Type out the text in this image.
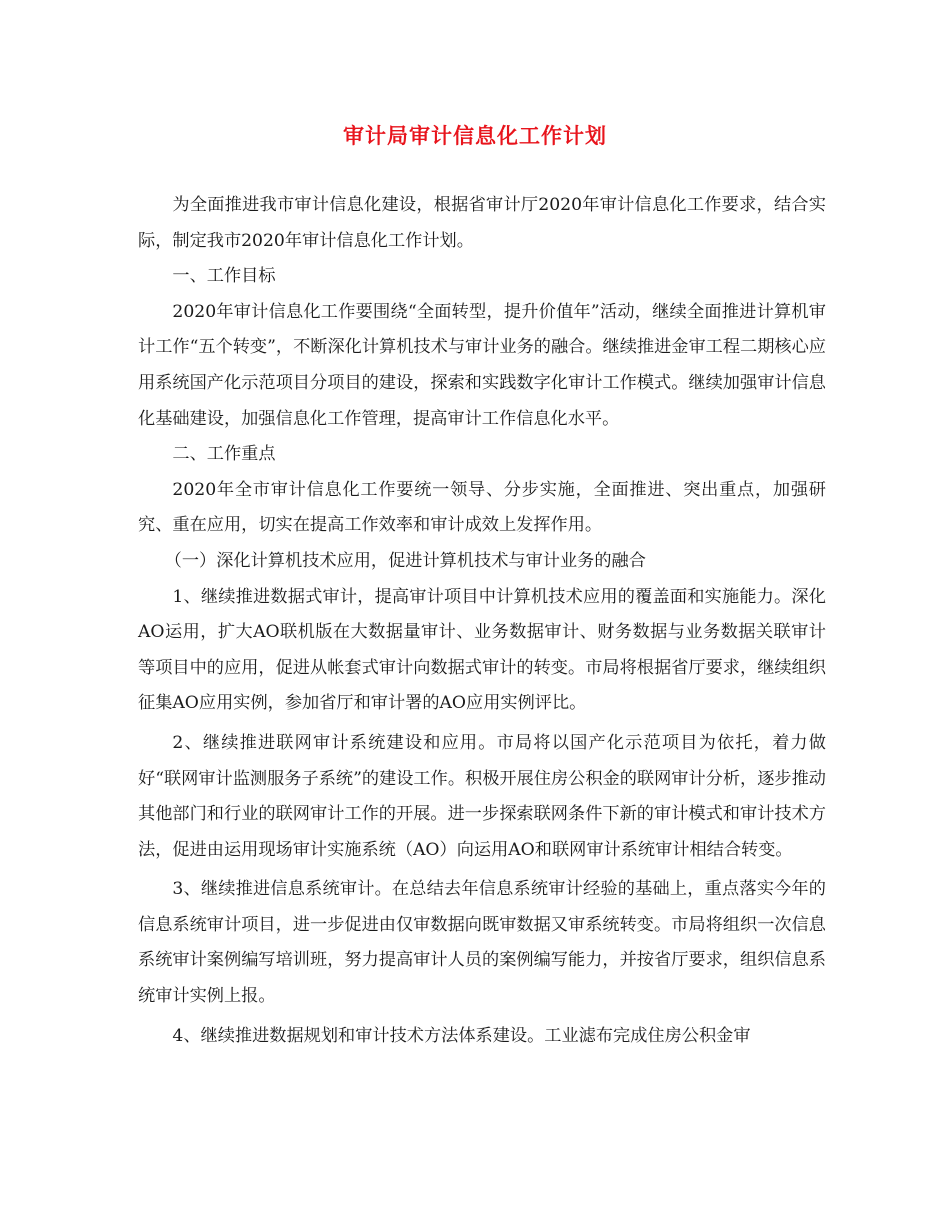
审计局审计信息化工作计划

为全面推进我市审计信息化建设，根据省审计厅2020年审计信息化工作要求，结合实际，制定我市2020年审计信息化工作计划。

一、工作目标

2020年审计信息化工作要围绕“全面转型，提升价值年”活动，继续全面推进计算机审计工作“五个转变”，不断深化计算机技术与审计业务的融合。继续推进金审工程二期核心应用系统国产化示范项目分项目的建设，探索和实践数字化审计工作模式。继续加强审计信息化基础建设，加强信息化工作管理，提高审计工作信息化水平。

二、工作重点

2020年全市审计信息化工作要统一领导、分步实施，全面推进、突出重点，加强研究、重在应用，切实在提高工作效率和审计成效上发挥作用。

（一）深化计算机技术应用，促进计算机技术与审计业务的融合

1、继续推进数据式审计，提高审计项目中计算机技术应用的覆盖面和实施能力。深化AO运用，扩大AO联机版在大数据量审计、业务数据审计、财务数据与业务数据关联审计等项目中的应用，促进从帐套式审计向数据式审计的转变。市局将根据省厅要求，继续组织征集AO应用实例，参加省厅和审计署的AO应用实例评比。

2、继续推进联网审计系统建设和应用。市局将以国产化示范项目为依托，着力做好“联网审计监测服务子系统”的建设工作。积极开展住房公积金的联网审计分析，逐步推动其他部门和行业的联网审计工作的开展。进一步探索联网条件下新的审计模式和审计技术方法，促进由运用现场审计实施系统（AO）向运用AO和联网审计系统审计相结合转变。

3、继续推进信息系统审计。在总结去年信息系统审计经验的基础上，重点落实今年的信息系统审计项目，进一步促进由仅审数据向既审数据又审系统转变。市局将组织一次信息系统审计案例编写培训班，努力提高审计人员的案例编写能力，并按省厅要求，组织信息系统审计实例上报。

4、继续推进数据规划和审计技术方法体系建设。工业滤布完成住房公积金审
